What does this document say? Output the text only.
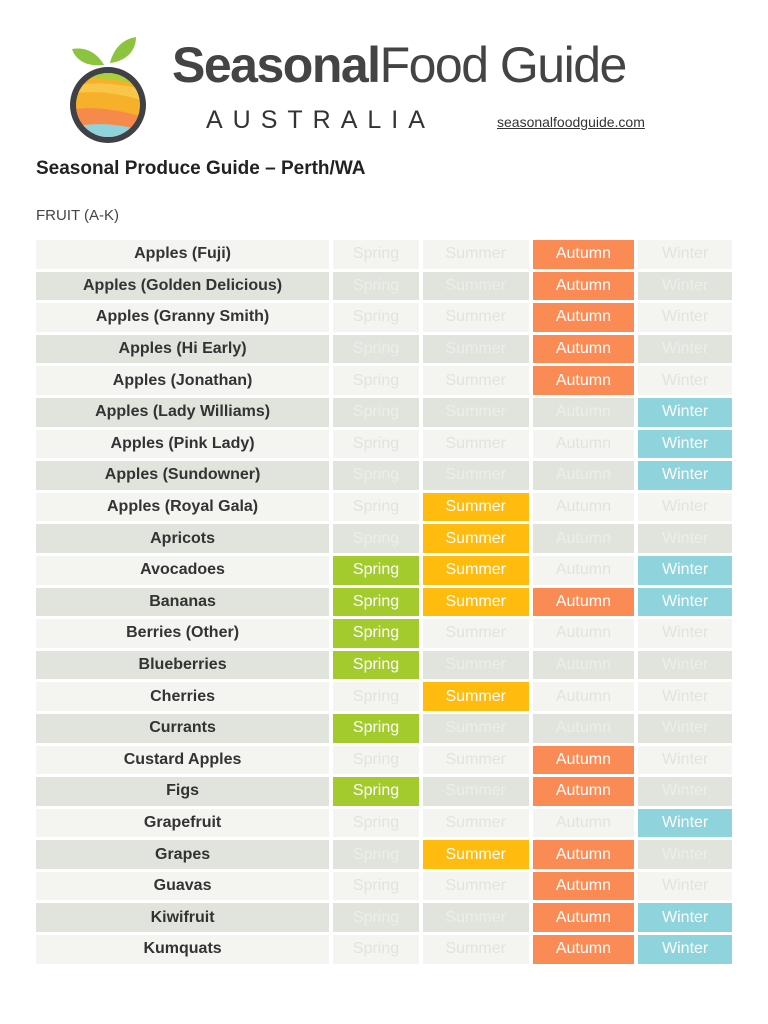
SeasonalFood Guide
AUSTRALIA	seasonalfoodguide.com
Seasonal Produce Guide – Perth/WA
FRUIT (A-K)
Apples (Fuji)	Spring	Summer	Autumn	Winter
Apples (Golden Delicious)	Spring	Summer	Autumn	Winter
Apples (Granny Smith)	Spring	Summer	Autumn	Winter
Apples (Hi Early)	Spring	Summer	Autumn	Winter
Apples (Jonathan)	Spring	Summer	Autumn	Winter
Apples (Lady Williams)	Spring	Summer	Autumn	Winter
Apples (Pink Lady)	Spring	Summer	Autumn	Winter
Apples (Sundowner)	Spring	Summer	Autumn	Winter
Apples (Royal Gala)	Spring	Summer	Autumn	Winter
Apricots	Spring	Summer	Autumn	Winter
Avocadoes	Spring	Summer	Autumn	Winter
Bananas	Spring	Summer	Autumn	Winter
Berries (Other)	Spring	Summer	Autumn	Winter
Blueberries	Spring	Summer	Autumn	Winter
Cherries	Spring	Summer	Autumn	Winter
Currants	Spring	Summer	Autumn	Winter
Custard Apples	Spring	Summer	Autumn	Winter
Figs	Spring	Summer	Autumn	Winter
Grapefruit	Spring	Summer	Autumn	Winter
Grapes	Spring	Summer	Autumn	Winter
Guavas	Spring	Summer	Autumn	Winter
Kiwifruit	Spring	Summer	Autumn	Winter
Kumquats	Spring	Summer	Autumn	Winter
